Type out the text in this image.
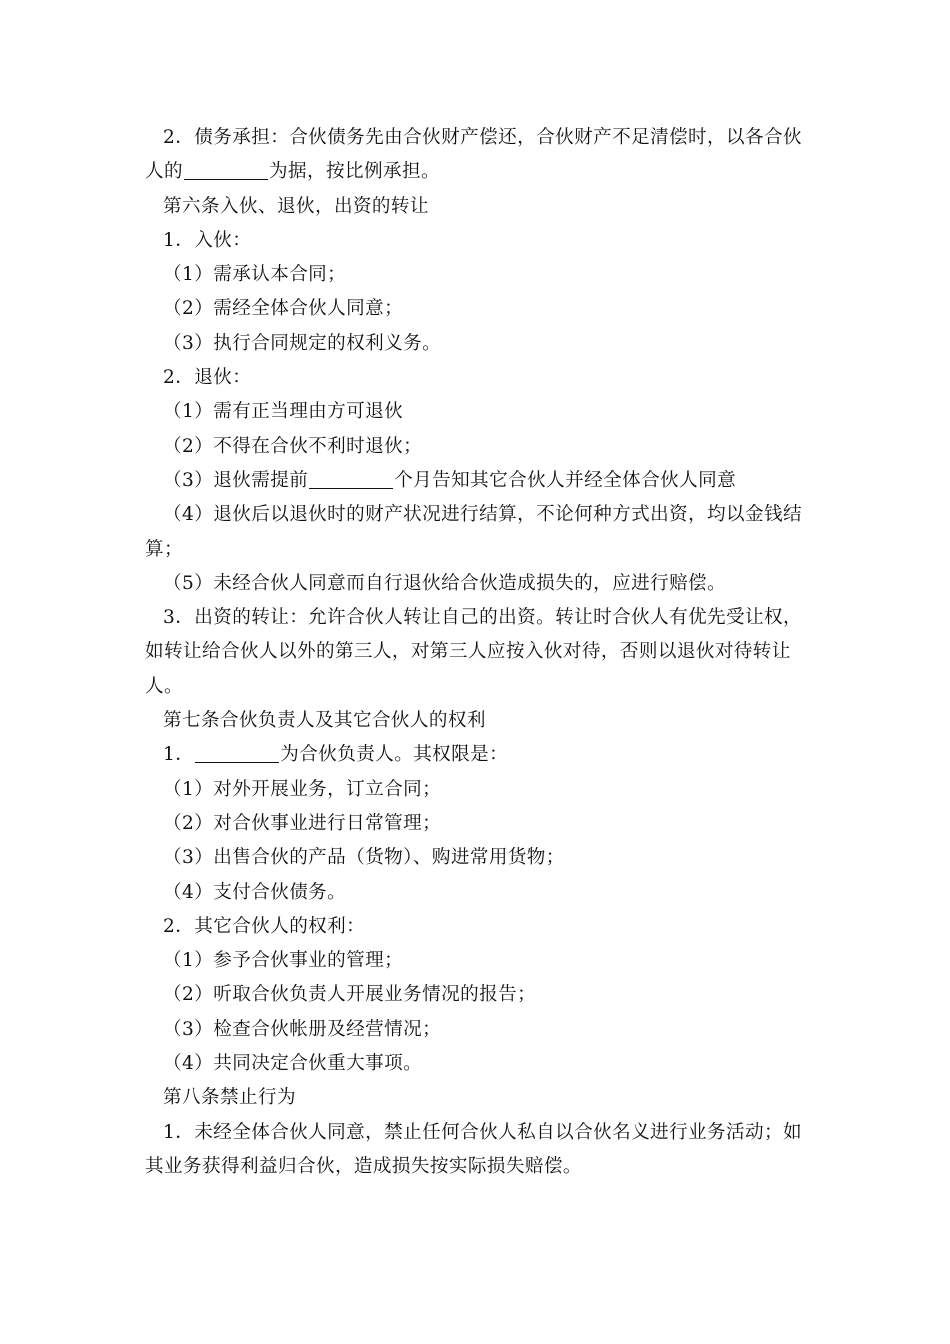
2．债务承担：合伙债务先由合伙财产偿还，合伙财产不足清偿时，以各合伙人的	为据，按比例承担。

第六条入伙、退伙，出资的转让

1．入伙：

（1）需承认本合同；

（2）需经全体合伙人同意；

（3）执行合同规定的权利义务。

2．退伙：

（1）需有正当理由方可退伙

（2）不得在合伙不利时退伙；

（3）退伙需提前	个月告知其它合伙人并经全体合伙人同意

（4）退伙后以退伙时的财产状况进行结算，不论何种方式出资，均以金钱结算；

（5）未经合伙人同意而自行退伙给合伙造成损失的，应进行赔偿。

3．出资的转让：允许合伙人转让自己的出资。转让时合伙人有优先受让权，如转让给合伙人以外的第三人，对第三人应按入伙对待，否则以退伙对待转让人。

第七条合伙负责人及其它合伙人的权利

1．	为合伙负责人。其权限是：

（1）对外开展业务，订立合同；

（2）对合伙事业进行日常管理；

（3）出售合伙的产品（货物）、购进常用货物；

（4）支付合伙债务。

2．其它合伙人的权利：

（1）参予合伙事业的管理；

（2）听取合伙负责人开展业务情况的报告；

（3）检查合伙帐册及经营情况；

（4）共同决定合伙重大事项。

第八条禁止行为

1．未经全体合伙人同意，禁止任何合伙人私自以合伙名义进行业务活动；如其业务获得利益归合伙，造成损失按实际损失赔偿。
